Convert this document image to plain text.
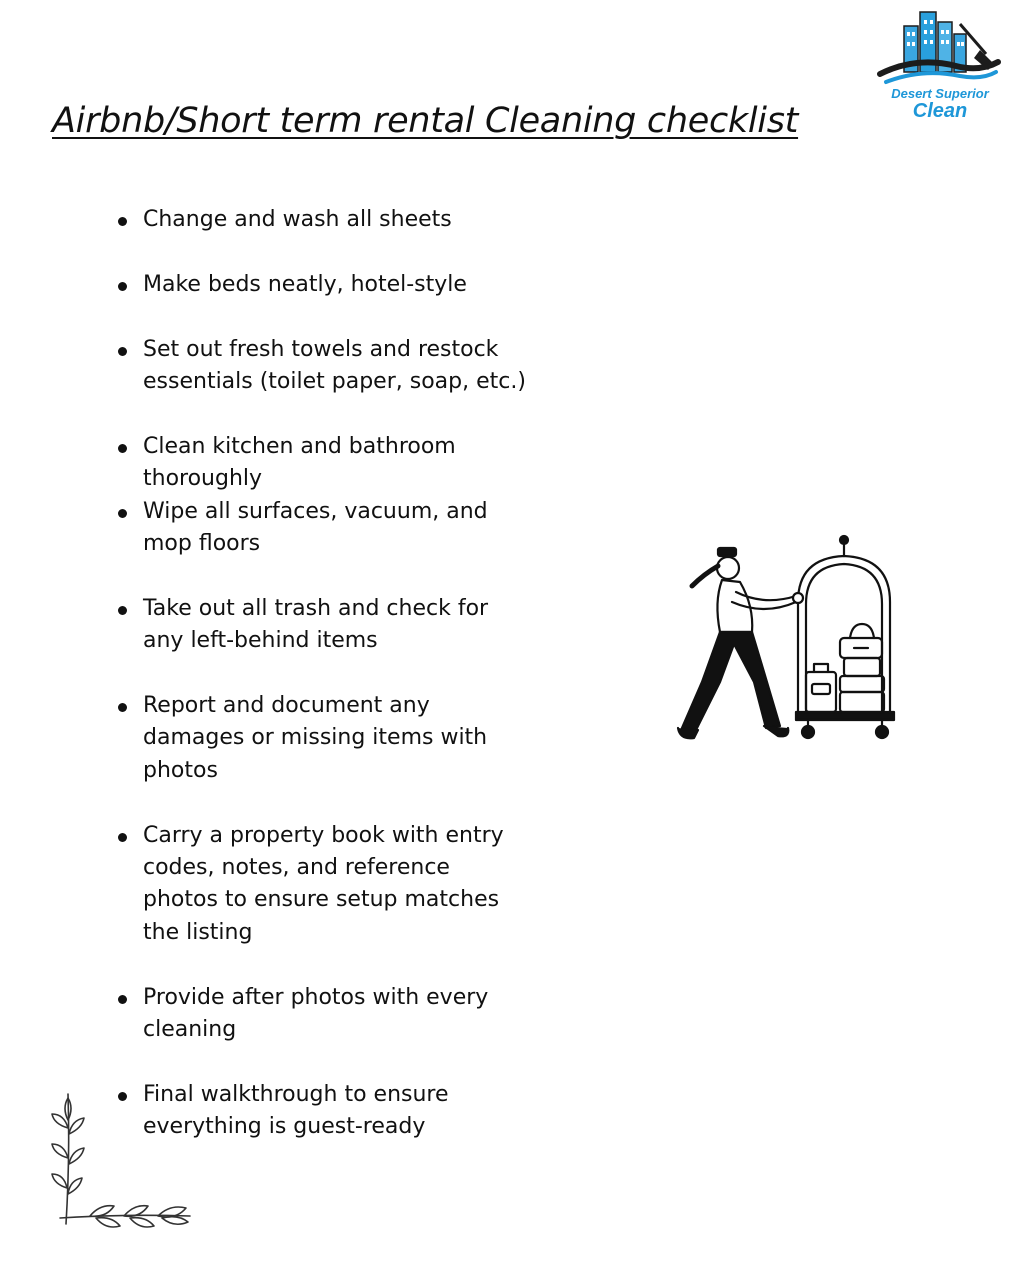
Airbnb/Short term rental Cleaning checklist

Desert Superior

Clean

Change and wash all sheets
Make beds neatly, hotel-style
Set out fresh towels and restock essentials (toilet paper, soap, etc.)
Clean kitchen and bathroom thoroughly
Wipe all surfaces, vacuum, and mop floors
Take out all trash and check for any left-behind items
Report and document any damages or missing items with photos
Carry a property book with entry codes, notes, and reference photos to ensure setup matches the listing
Provide after photos with every cleaning
Final walkthrough to ensure everything is guest-ready
